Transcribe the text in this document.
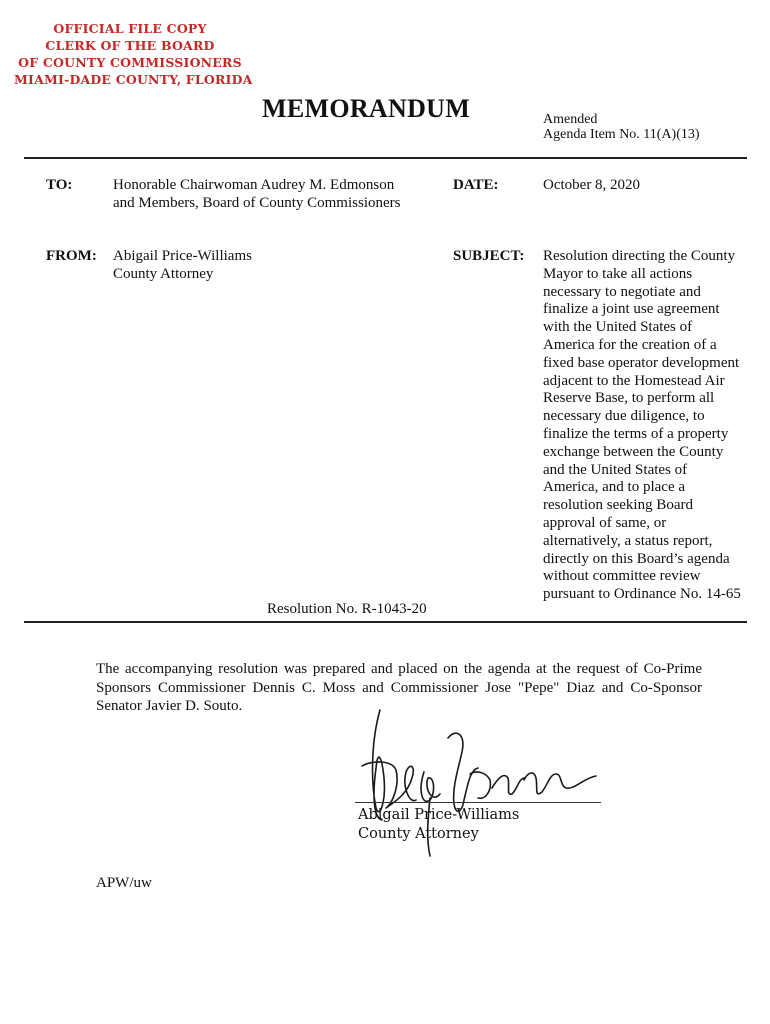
OFFICIAL FILE COPY
CLERK OF THE BOARD
OF COUNTY COMMISSIONERS
MIAMI-DADE COUNTY, FLORIDA
MEMORANDUM	Amended
Agenda Item No. 11(A)(13)
TO:	Honorable Chairwoman Audrey M. Edmonson
and Members, Board of County Commissioners
DATE:	October 8, 2020
FROM: Abigail Price-Williams
County Attorney
SUBJECT: Resolution directing the County
Mayor to take all actions
necessary to negotiate and
finalize a joint use agreement
with the United States of
America for the creation of a
fixed base operator development
adjacent to the Homestead Air
Reserve Base, to perform all
necessary due diligence, to
finalize the terms of a property
exchange between the County
and the United States of
America, and to place a
resolution seeking Board
approval of same, or
alternatively, a status report,
directly on this Board’s agenda
without committee review
pursuant to Ordinance No. 14-65
Resolution No. R-1043-20
The accompanying resolution was prepared and placed on the agenda at the request of Co-Prime Sponsors Commissioner Dennis C. Moss and Commissioner Jose "Pepe" Diaz and Co-Sponsor Senator Javier D. Souto.
Abigail Price-Williams
County Attorney
APW/uw
